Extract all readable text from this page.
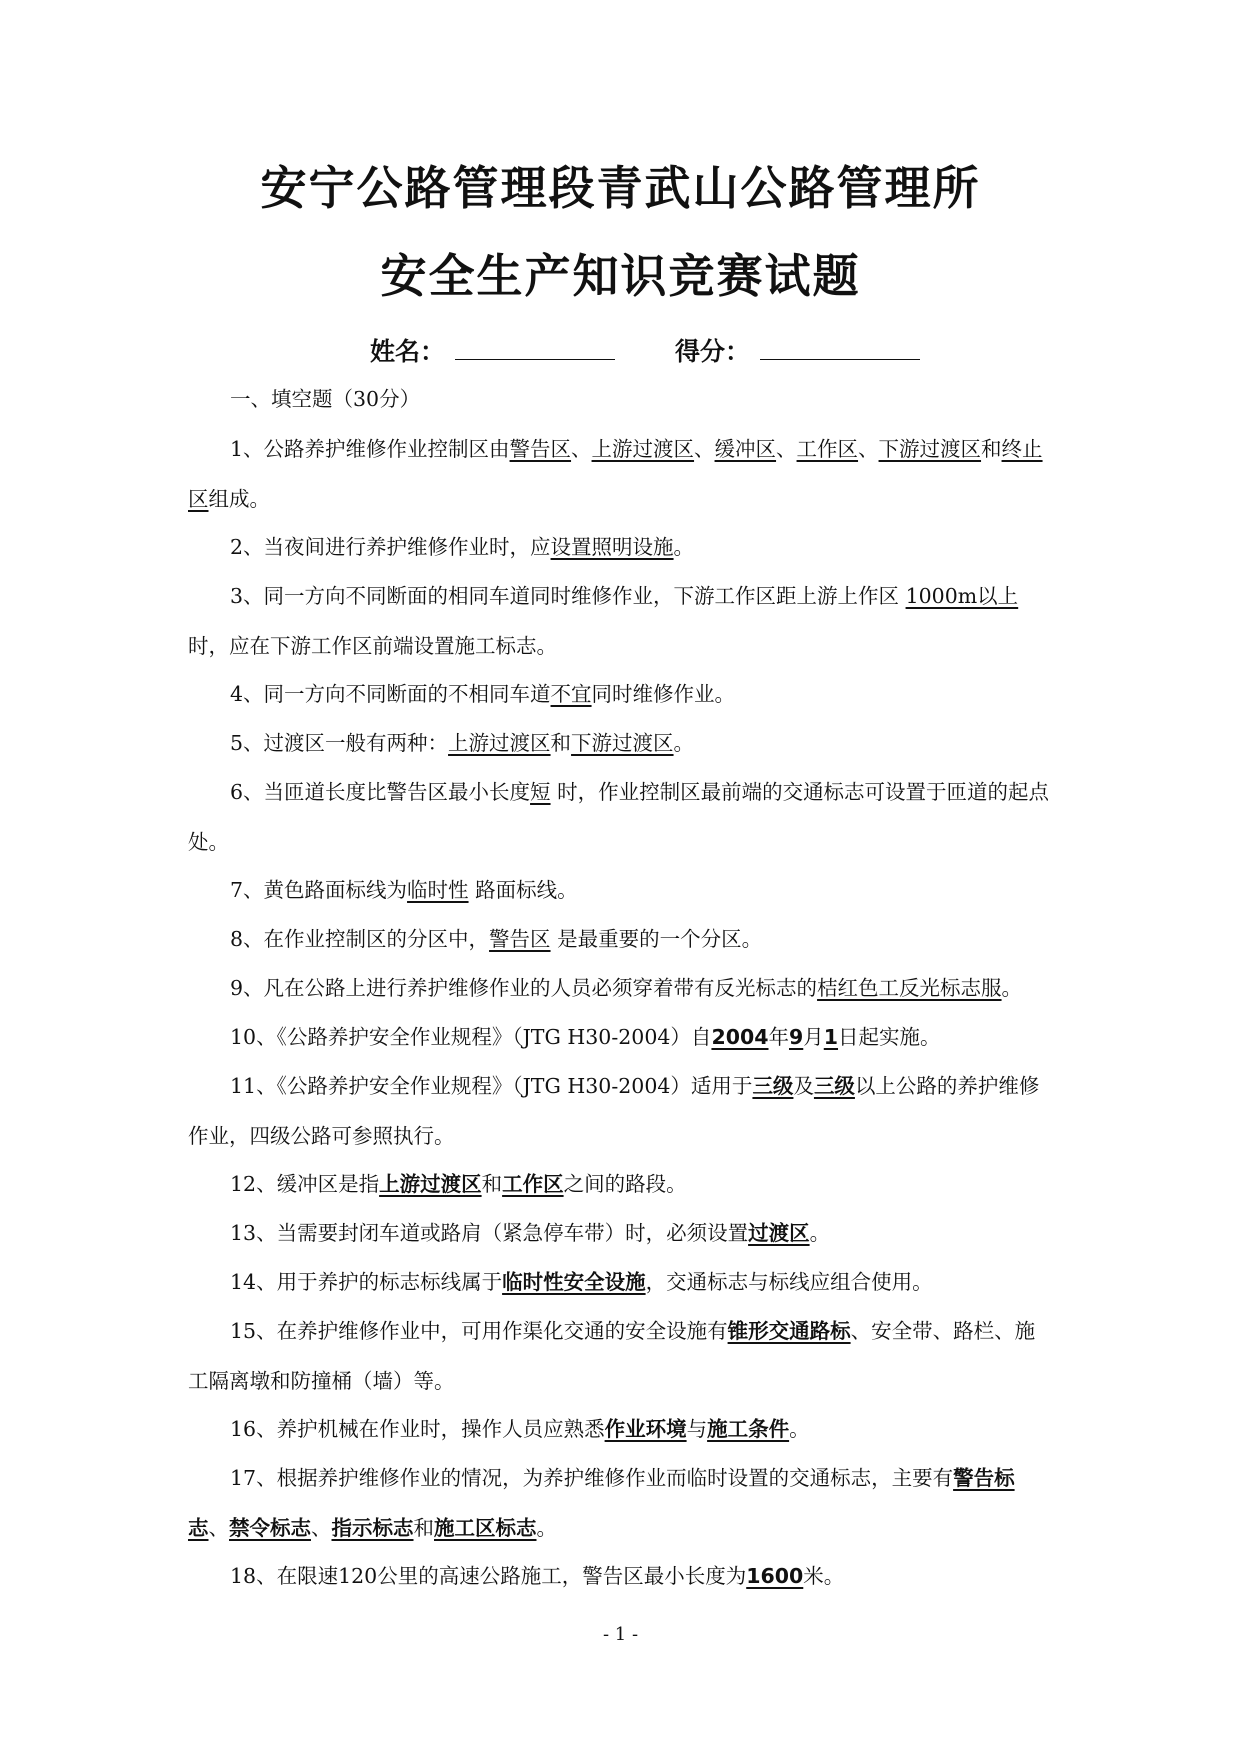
安宁公路管理段青武山公路管理所
安全生产知识竞赛试题
姓名：	得分：
一、填空题（30分）
1、公路养护维修作业控制区由警告区、上游过渡区、缓冲区、工作区、下游过渡区和终止区组成。
2、当夜间进行养护维修作业时，应设置照明设施。
3、同一方向不同断面的相同车道同时维修作业，下游工作区距上游上作区 1000m以上时，应在下游工作区前端设置施工标志。
4、同一方向不同断面的不相同车道不宜同时维修作业。
5、过渡区一般有两种：上游过渡区和下游过渡区。
6、当匝道长度比警告区最小长度短 时，作业控制区最前端的交通标志可设置于匝道的起点处。
7、黄色路面标线为临时性 路面标线。
8、在作业控制区的分区中，警告区 是最重要的一个分区。
9、凡在公路上进行养护维修作业的人员必须穿着带有反光标志的桔红色工反光标志服。
10、《公路养护安全作业规程》（JTG H30-2004）自2004年9月1日起实施。
11、《公路养护安全作业规程》（JTG H30-2004）适用于三级及三级以上公路的养护维修作业，四级公路可参照执行。
12、缓冲区是指上游过渡区和工作区之间的路段。
13、当需要封闭车道或路肩（紧急停车带）时，必须设置过渡区。
14、用于养护的标志标线属于临时性安全设施，交通标志与标线应组合使用。
15、在养护维修作业中，可用作渠化交通的安全设施有锥形交通路标、安全带、路栏、施工隔离墩和防撞桶（墙）等。
16、养护机械在作业时，操作人员应熟悉作业环境与施工条件。
17、根据养护维修作业的情况，为养护维修作业而临时设置的交通标志，主要有警告标志、禁令标志、指示标志和施工区标志。
18、在限速120公里的高速公路施工，警告区最小长度为1600米。
- 1 -
